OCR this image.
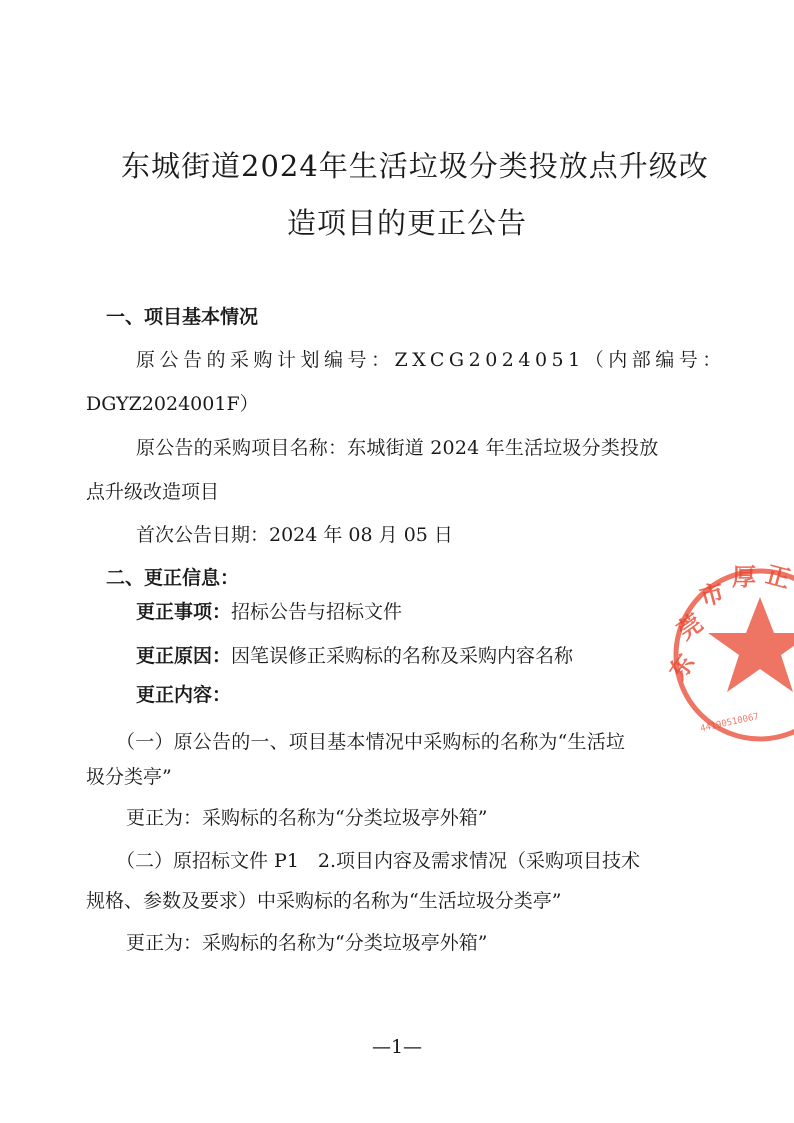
东城街道2024年生活垃圾分类投放点升级改
造项目的更正公告
一、项目基本情况
原公告的采购计划编号：ZXCG2024051（内部编号：
DGYZ2024001F）
原公告的采购项目名称：东城街道 2024 年生活垃圾分类投放
点升级改造项目
首次公告日期：2024 年 08 月 05 日
二、更正信息：
更正事项：招标公告与招标文件
更正原因：因笔误修正采购标的名称及采购内容名称
更正内容：
（一）原公告的一、项目基本情况中采购标的名称为“生活垃
圾分类亭”
更正为：采购标的名称为“分类垃圾亭外箱”
（二）原招标文件 P1　2.项目内容及需求情况（采购项目技术
规格、参数及要求）中采购标的名称为“生活垃圾分类亭”
更正为：采购标的名称为“分类垃圾亭外箱”
东
莞
市
厚 正
44190510067
—1—
